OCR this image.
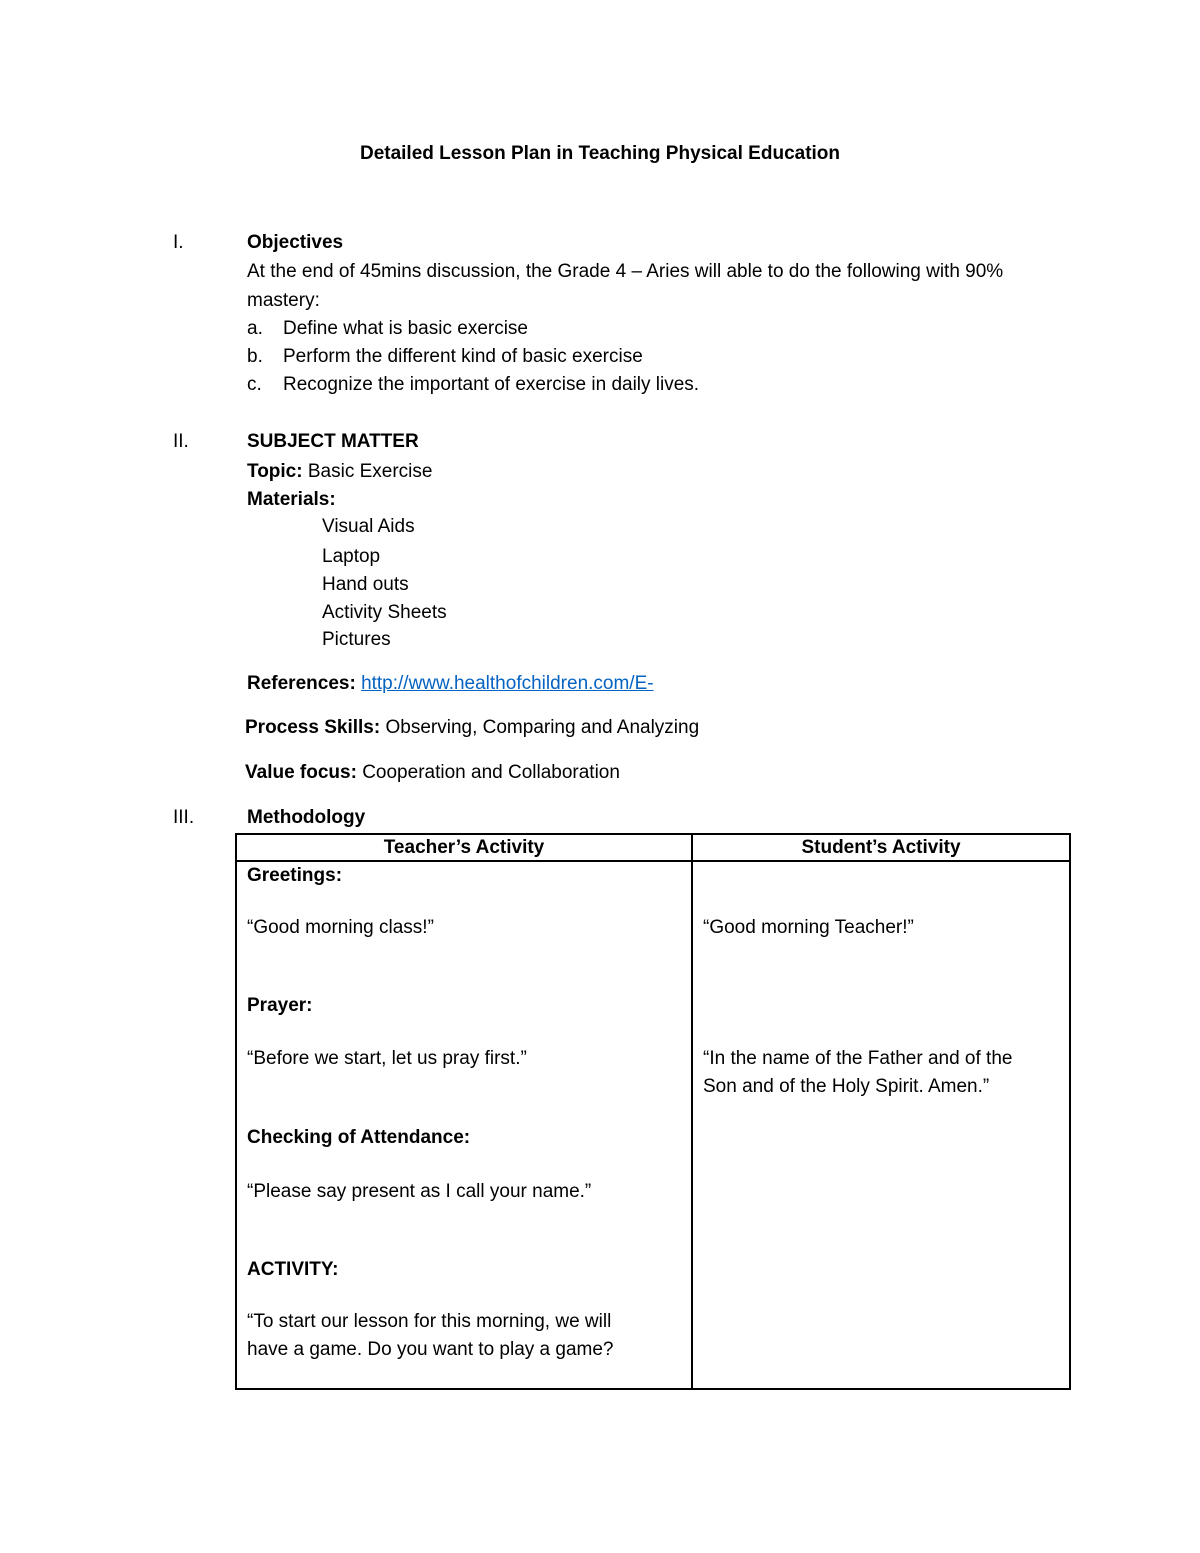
Detailed Lesson Plan in Teaching Physical Education
I.	Objectives
At the end of 45mins discussion, the Grade 4 – Aries will able to do the following with 90%
mastery:
a. Define what is basic exercise
b. Perform the different kind of basic exercise
c. Recognize the important of exercise in daily lives.
II.	SUBJECT MATTER
Topic: Basic Exercise
Materials:
Visual Aids
Laptop
Hand outs
Activity Sheets
Pictures
References: http://www.healthofchildren.com/E-
Process Skills: Observing, Comparing and Analyzing
Value focus: Cooperation and Collaboration
III.	Methodology
Teacher’s Activity	Student’s Activity
Greetings:
“Good morning class!”	“Good morning Teacher!”
Prayer:
“Before we start, let us pray first.”	“In the name of the Father and of the
Son and of the Holy Spirit. Amen.”
Checking of Attendance:
“Please say present as I call your name.”
ACTIVITY:
“To start our lesson for this morning, we will
have a game. Do you want to play a game?
